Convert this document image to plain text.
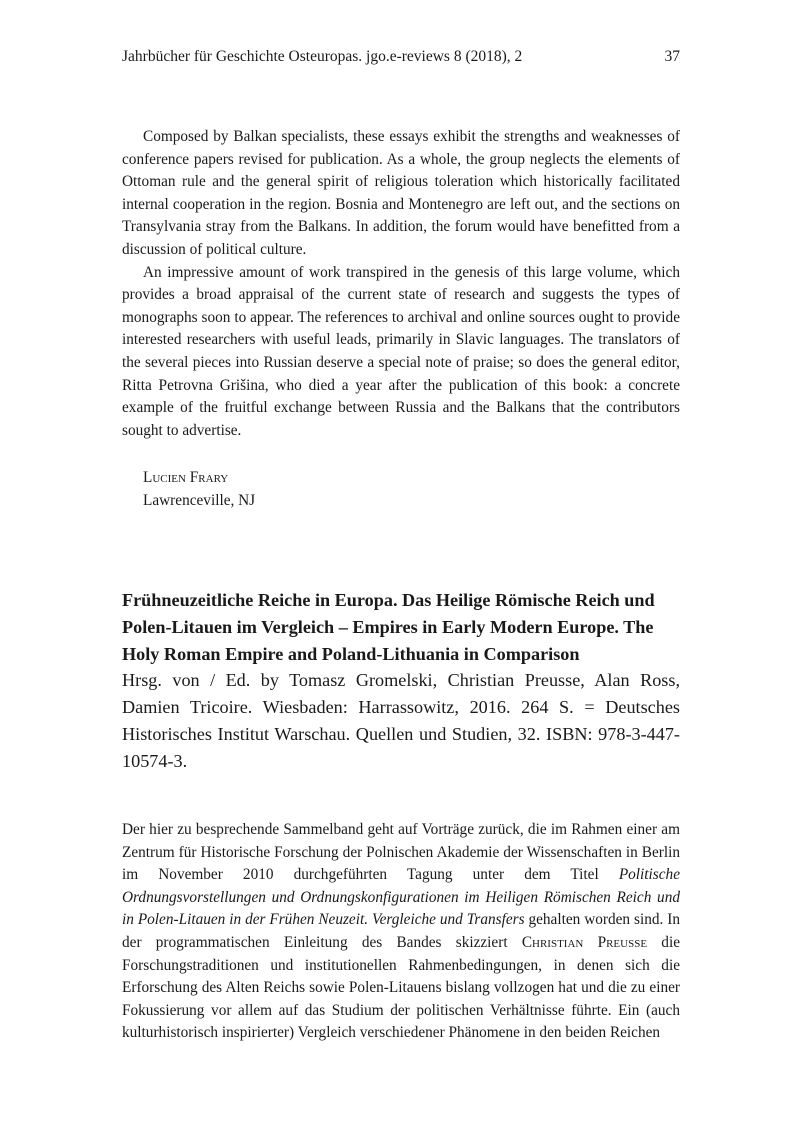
Jahrbücher für Geschichte Osteuropas. jgo.e-reviews 8 (2018), 2	37

Composed by Balkan specialists, these essays exhibit the strengths and weaknesses of conference papers revised for publication. As a whole, the group neglects the elements of Ottoman rule and the general spirit of religious toleration which historically facilitated internal cooperation in the region. Bosnia and Montenegro are left out, and the sections on Transylvania stray from the Balkans. In addition, the forum would have benefitted from a discussion of political culture.

An impressive amount of work transpired in the genesis of this large volume, which provides a broad appraisal of the current state of research and suggests the types of monographs soon to appear. The references to archival and online sources ought to provide interested researchers with useful leads, primarily in Slavic languages. The translators of the several pieces into Russian deserve a special note of praise; so does the general editor, Ritta Petrovna Grišina, who died a year after the publication of this book: a concrete example of the fruitful exchange between Russia and the Balkans that the contributors sought to advertise.

Lucien Frary
Lawrenceville, NJ

Frühneuzeitliche Reiche in Europa. Das Heilige Römische Reich und Polen-Litauen im Vergleich – Empires in Early Modern Europe. The Holy Roman Empire and Poland-Lithuania in Comparison

Hrsg. von / Ed. by Tomasz Gromelski, Christian Preusse, Alan Ross, Damien Tricoire. Wiesbaden: Harrassowitz, 2016. 264 S. = Deutsches Historisches Institut Warschau. Quellen und Studien, 32. ISBN: 978-3-447-10574-3.

Der hier zu besprechende Sammelband geht auf Vorträge zurück, die im Rahmen einer am Zentrum für Historische Forschung der Polnischen Akademie der Wissenschaften in Berlin im November 2010 durchgeführten Tagung unter dem Titel Politische Ordnungsvorstellungen und Ordnungskonfigurationen im Heiligen Römischen Reich und in Polen-Litauen in der Frühen Neuzeit. Vergleiche und Transfers gehalten worden sind. In der programmatischen Einleitung des Bandes skizziert Christian Preusse die Forschungstraditionen und institutionellen Rahmenbedingungen, in denen sich die Erforschung des Alten Reichs sowie Polen-Litauens bislang vollzogen hat und die zu einer Fokussierung vor allem auf das Studium der politischen Verhältnisse führte. Ein (auch kulturhistorisch inspirierter) Vergleich verschiedener Phänomene in den beiden Reichen
